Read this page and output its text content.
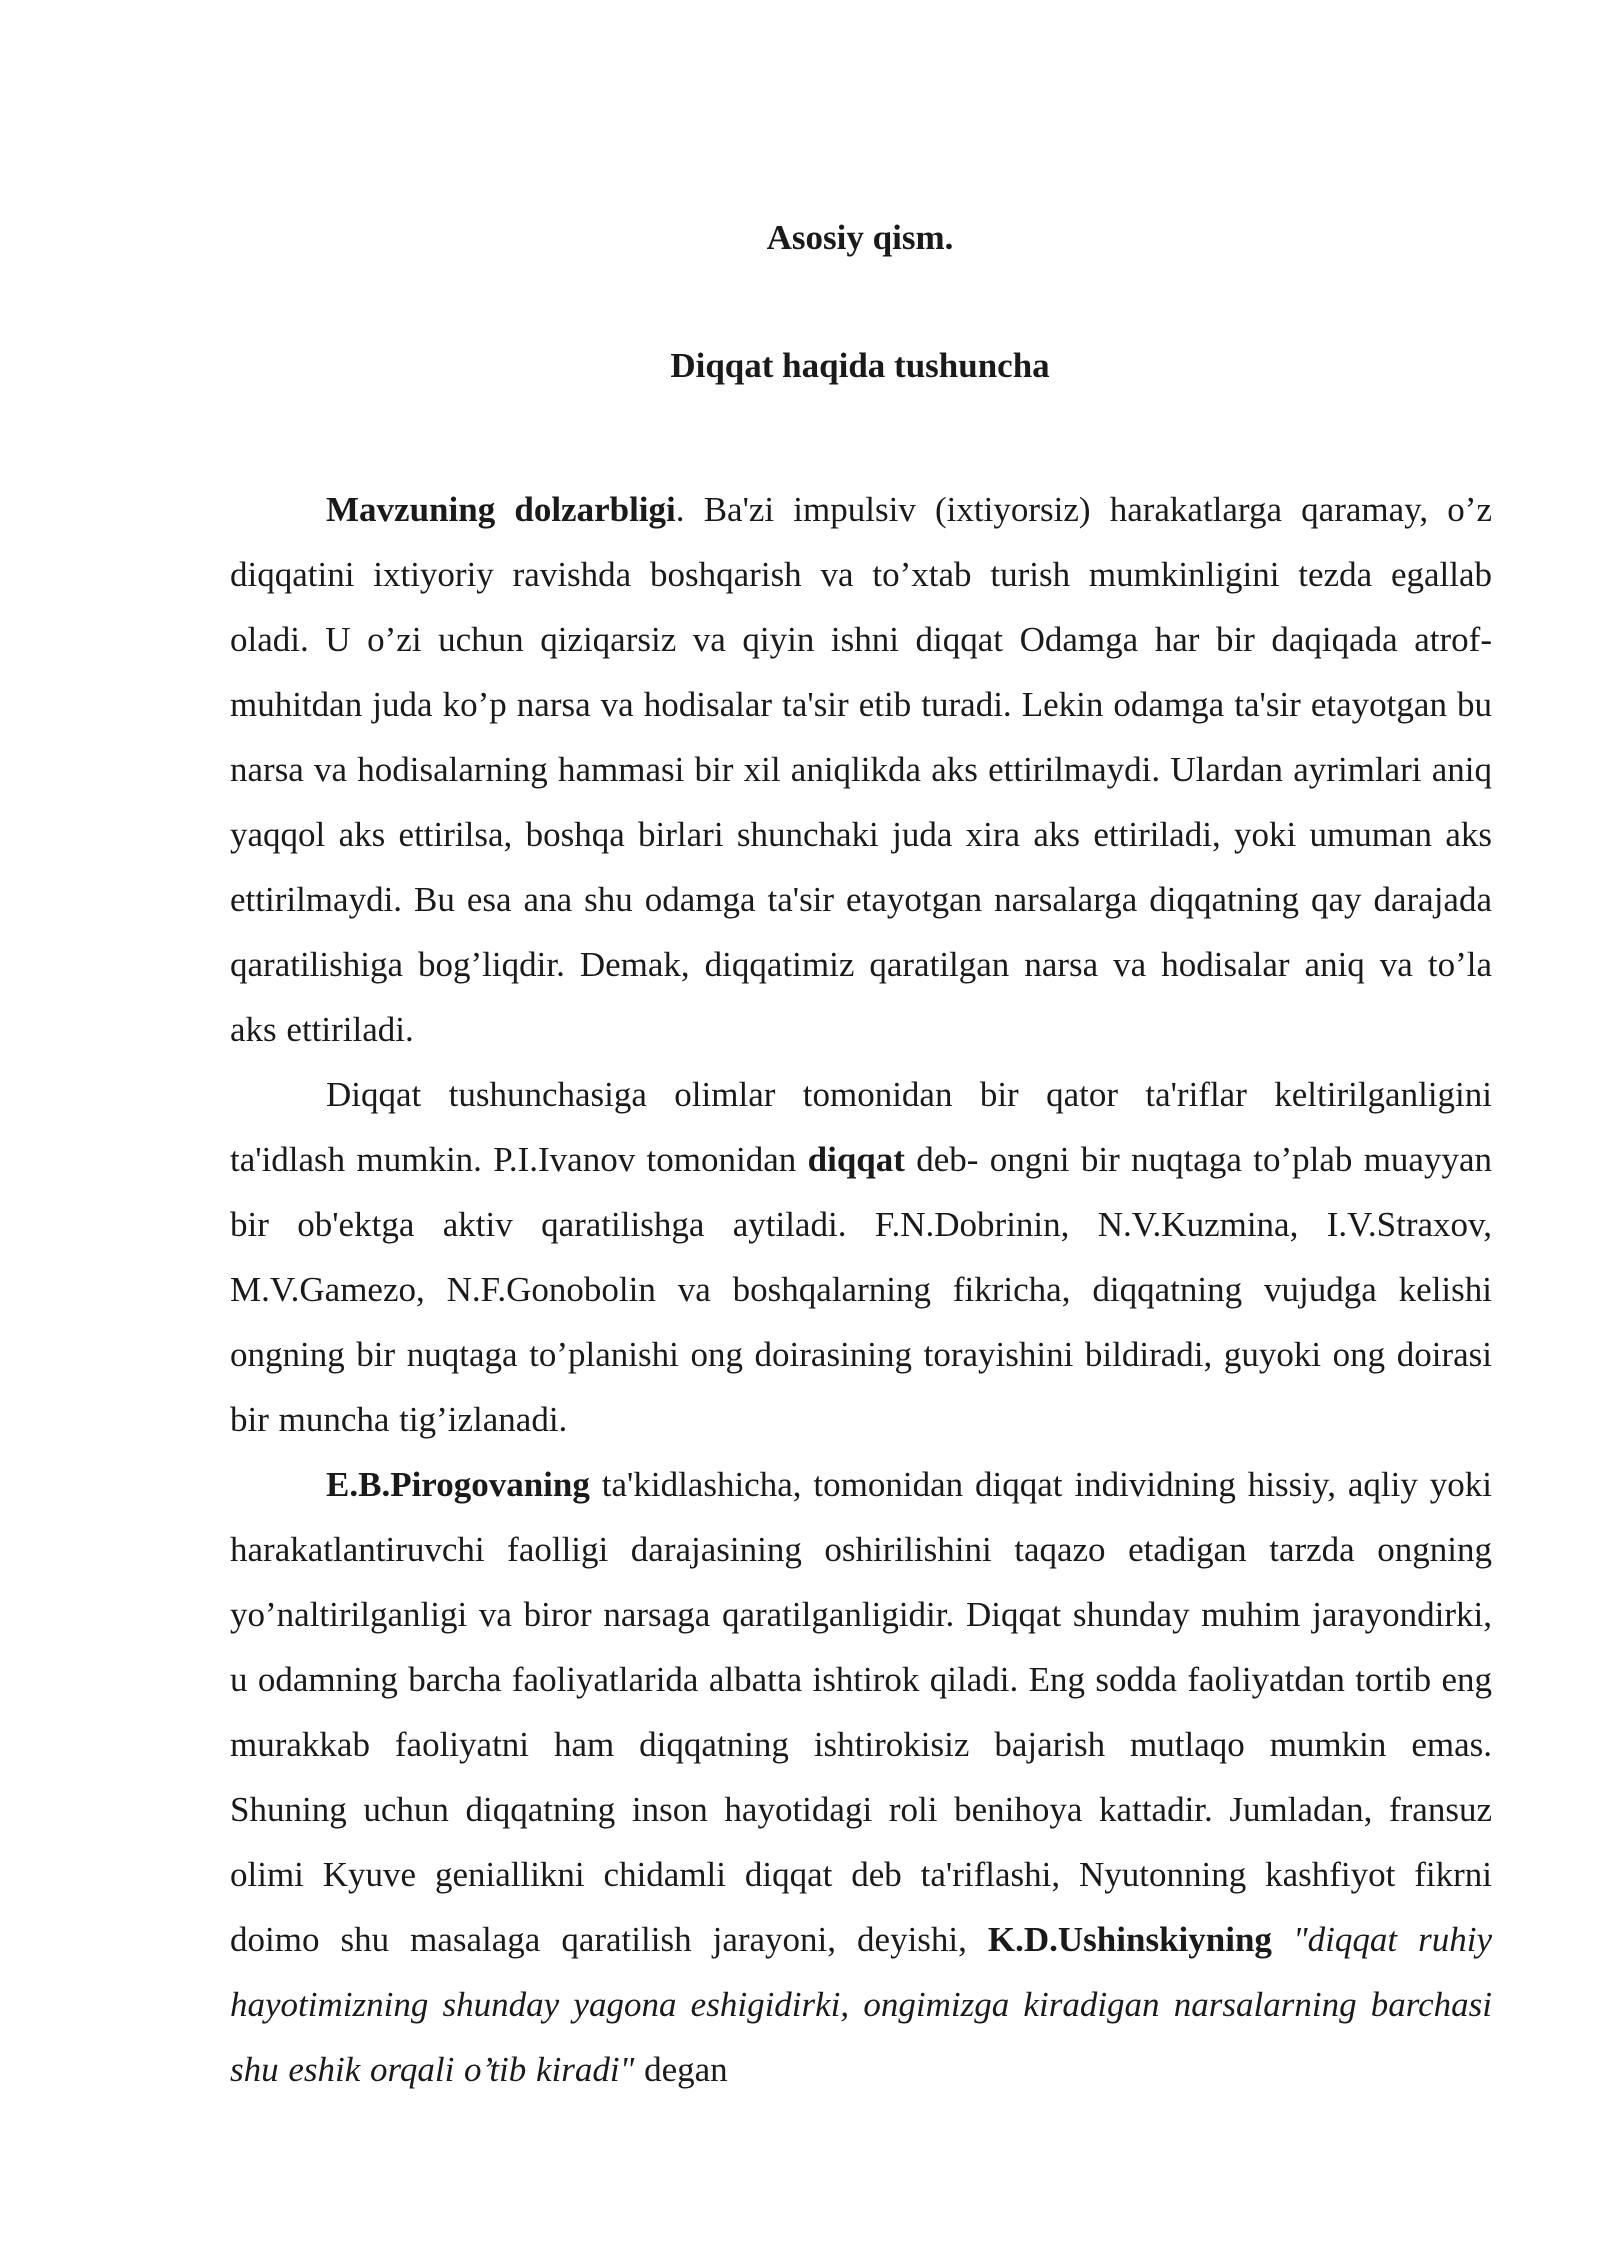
Asosiy qism.
Diqqat haqida tushuncha

Mavzuning dolzarbligi. Ba'zi impulsiv (ixtiyorsiz) harakatlarga qaramay, o’z diqqatini ixtiyoriy ravishda boshqarish va to’xtab turish mumkinligini tezda egallab oladi. U o’zi uchun qiziqarsiz va qiyin ishni diqqat Odamga har bir daqiqada atrof-muhitdan juda ko’p narsa va hodisalar ta'sir etib turadi. Lekin odamga ta'sir etayotgan bu narsa va hodisalarning hammasi bir xil aniqlikda aks ettirilmaydi. Ulardan ayrimlari aniq yaqqol aks ettirilsa, boshqa birlari shunchaki juda xira aks ettiriladi, yoki umuman aks ettirilmaydi. Bu esa ana shu odamga ta'sir etayotgan narsalarga diqqatning qay darajada qaratilishiga bog’liqdir. Demak, diqqatimiz qaratilgan narsa va hodisalar aniq va to’la aks ettiriladi.

Diqqat tushunchasiga olimlar tomonidan bir qator ta'riflar keltirilganligini ta'idlash mumkin. P.I.Ivanov tomonidan diqqat deb- ongni bir nuqtaga to’plab muayyan bir ob'ektga aktiv qaratilishga aytiladi. F.N.Dobrinin, N.V.Kuzmina, I.V.Straxov, M.V.Gamezo, N.F.Gonobolin va boshqalarning fikricha, diqqatning vujudga kelishi ongning bir nuqtaga to’planishi ong doirasining torayishini bildiradi, guyoki ong doirasi bir muncha tig’izlanadi.

E.B.Pirogovaning ta'kidlashicha, tomonidan diqqat individning hissiy, aqliy yoki harakatlantiruvchi faolligi darajasining oshirilishini taqazo etadigan tarzda ongning yo’naltirilganligi va biror narsaga qaratilganligidir. Diqqat shunday muhim jarayondirki, u odamning barcha faoliyatlarida albatta ishtirok qiladi. Eng sodda faoliyatdan tortib eng murakkab faoliyatni ham diqqatning ishtirokisiz bajarish mutlaqo mumkin emas. Shuning uchun diqqatning inson hayotidagi roli benihoya kattadir. Jumladan, fransuz olimi Kyuve geniallikni chidamli diqqat deb ta'riflashi, Nyutonning kashfiyot fikrni doimo shu masalaga qaratilish jarayoni, deyishi, K.D.Ushinskiyning "diqqat ruhiy hayotimizning shunday yagona eshigidirki, ongimizga kiradigan narsalarning barchasi shu eshik orqali o’tib kiradi" degan
